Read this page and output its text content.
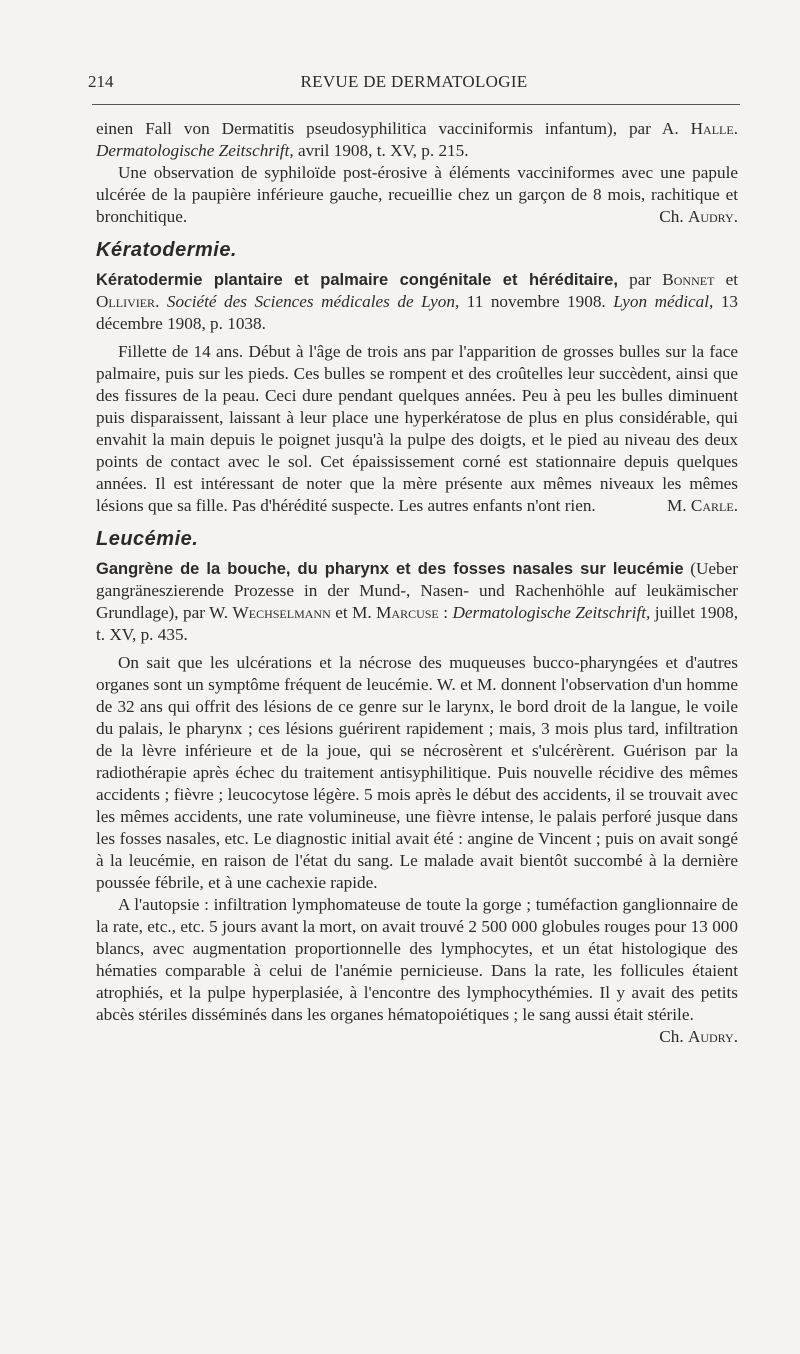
214	REVUE DE DERMATOLOGIE

einen Fall von Dermatitis pseudosyphilitica vacciniformis infantum), par A. Halle. Dermatologische Zeitschrift, avril 1908, t. XV, p. 215.

Une observation de syphiloïde post-érosive à éléments vacciniformes avec une papule ulcérée de la paupière inférieure gauche, recueillie chez un garçon de 8 mois, rachitique et bronchitique.	Ch. Audry.

Kératodermie.

Kératodermie plantaire et palmaire congénitale et héréditaire, par Bonnet et Ollivier. Société des Sciences médicales de Lyon, 11 novembre 1908. Lyon médical, 13 décembre 1908, p. 1038.

Fillette de 14 ans. Début à l'âge de trois ans par l'apparition de grosses bulles sur la face palmaire, puis sur les pieds. Ces bulles se rompent et des croûtelles leur succèdent, ainsi que des fissures de la peau. Ceci dure pendant quelques années. Peu à peu les bulles diminuent puis disparaissent, laissant à leur place une hyperkératose de plus en plus considérable, qui envahit la main depuis le poignet jusqu'à la pulpe des doigts, et le pied au niveau des deux points de contact avec le sol. Cet épaississement corné est stationnaire depuis quelques années. Il est intéressant de noter que la mère présente aux mêmes niveaux les mêmes lésions que sa fille. Pas d'hérédité suspecte. Les autres enfants n'ont rien.	M. Carle.

Leucémie.

Gangrène de la bouche, du pharynx et des fosses nasales sur leucémie (Ueber gangräneszierende Prozesse in der Mund-, Nasen- und Rachenhöhle auf leukämischer Grundlage), par W. Wechselmann et M. Marcuse : Dermatologische Zeitschrift, juillet 1908, t. XV, p. 435.

On sait que les ulcérations et la nécrose des muqueuses bucco-pharyngées et d'autres organes sont un symptôme fréquent de leucémie. W. et M. donnent l'observation d'un homme de 32 ans qui offrit des lésions de ce genre sur le larynx, le bord droit de la langue, le voile du palais, le pharynx ; ces lésions guérirent rapidement ; mais, 3 mois plus tard, infiltration de la lèvre inférieure et de la joue, qui se nécrosèrent et s'ulcérèrent. Guérison par la radiothérapie après échec du traitement antisyphilitique. Puis nouvelle récidive des mêmes accidents ; fièvre ; leucocytose légère. 5 mois après le début des accidents, il se trouvait avec les mêmes accidents, une rate volumineuse, une fièvre intense, le palais perforé jusque dans les fosses nasales, etc. Le diagnostic initial avait été : angine de Vincent ; puis on avait songé à la leucémie, en raison de l'état du sang. Le malade avait bientôt succombé à la dernière poussée fébrile, et à une cachexie rapide.

A l'autopsie : infiltration lymphomateuse de toute la gorge ; tuméfaction ganglionnaire de la rate, etc., etc. 5 jours avant la mort, on avait trouvé 2 500 000 globules rouges pour 13 000 blancs, avec augmentation proportionnelle des lymphocytes, et un état histologique des hématies comparable à celui de l'anémie pernicieuse. Dans la rate, les follicules étaient atrophiés, et la pulpe hyperplasiée, à l'encontre des lymphocythémies. Il y avait des petits abcès stériles disséminés dans les organes hématopoiétiques ; le sang aussi était stérile.
Ch. Audry.
